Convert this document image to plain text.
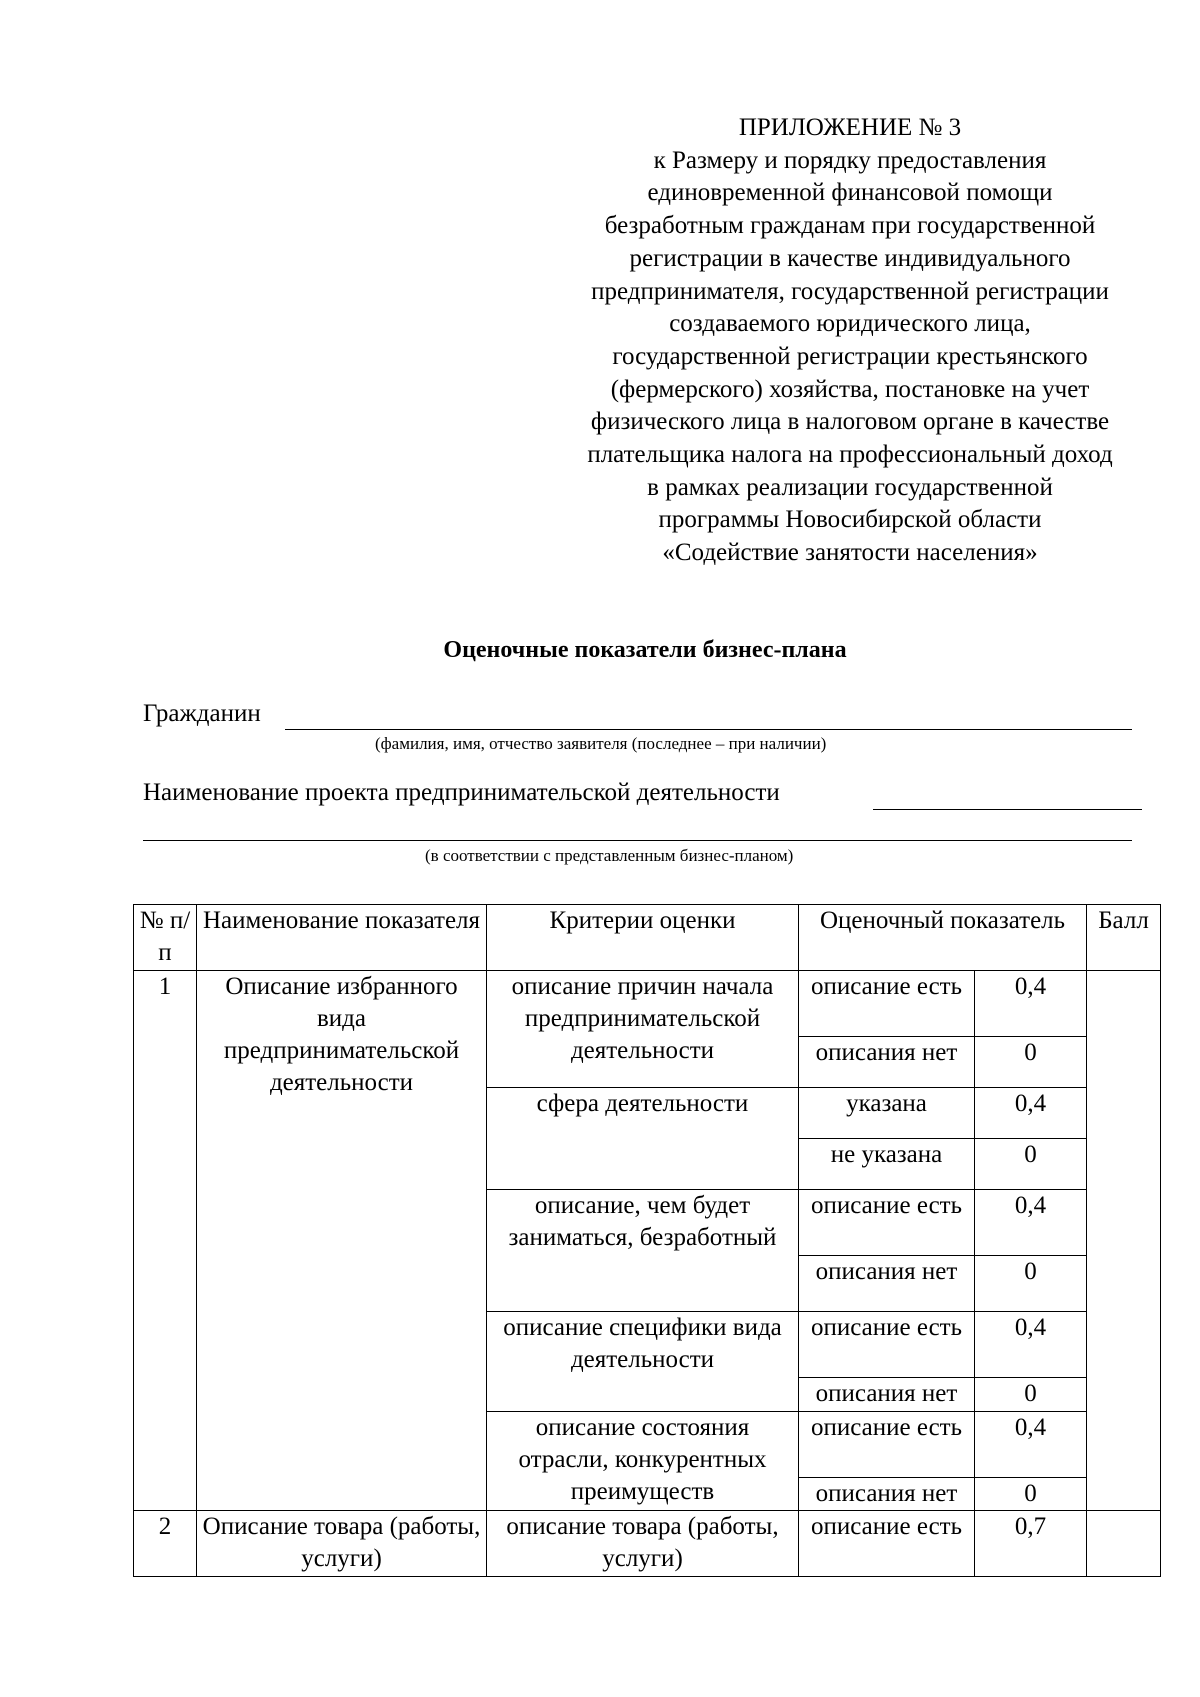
ПРИЛОЖЕНИЕ № 3
к Размеру и порядку предоставления
единовременной финансовой помощи
безработным гражданам при государственной
регистрации в качестве индивидуального
предпринимателя, государственной регистрации
создаваемого юридического лица,
государственной регистрации крестьянского
(фермерского) хозяйства, постановке на учет
физического лица в налоговом органе в качестве
плательщика налога на профессиональный доход
в рамках реализации государственной
программы Новосибирской области
«Содействие занятости населения»
Оценочные показатели бизнес-плана
Гражданин
(фамилия, имя, отчество заявителя (последнее – при наличии)
Наименование проекта предпринимательской деятельности
(в соответствии с представленным бизнес-планом)
№ п/п	Наименование показателя	Критерии оценки	Оценочный показатель		Балл
1	Описание избранного вида предпринимательской деятельности	описание причин начала предпринимательской деятельности	описание есть	0,4	
			описания нет	0	
		сфера деятельности	указана	0,4	
			не указана	0	
		описание, чем будет заниматься, безработный	описание есть	0,4	
			описания нет	0	
		описание специфики вида деятельности	описание есть	0,4	
			описания нет	0	
		описание состояния отрасли, конкурентных преимуществ	описание есть	0,4	
			описания нет	0	
2	Описание товара (работы, услуги)	описание товара (работы, услуги)	описание есть	0,7	
